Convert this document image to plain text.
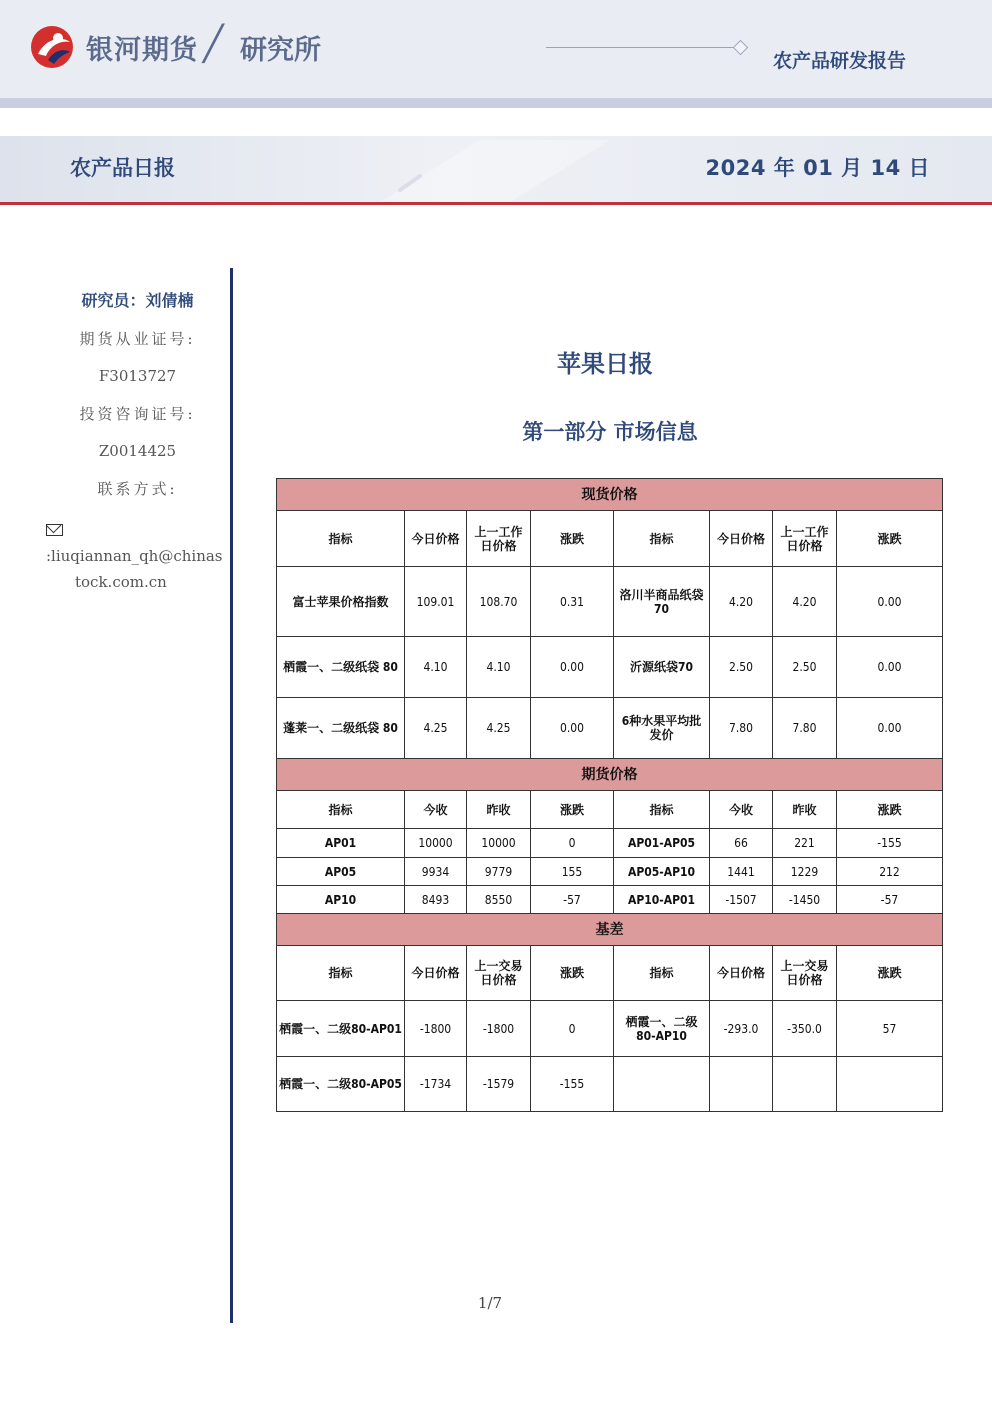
银河期货 ╱ 研究所	农产品研发报告
农产品日报	2024 年 01 月 14 日
研究员：刘倩楠
期货从业证号:
F3013727
投资咨询证号:
Z0014425
联系方式:
:liuqiannan_qh@chinas
tock.com.cn
苹果日报
第一部分 市场信息
现货价格							
指标	今日价格	上一工作日价格	涨跌	指标	今日价格	上一工作日价格	涨跌
富士苹果价格指数	109.01	108.70	0.31	洛川半商品纸袋70	4.20	4.20	0.00
栖霞一、二级纸袋 80	4.10	4.10	0.00	沂源纸袋70	2.50	2.50	0.00
蓬莱一、二级纸袋 80	4.25	4.25	0.00	6种水果平均批发价	7.80	7.80	0.00
期货价格							
指标	今收	昨收	涨跌	指标	今收	昨收	涨跌
AP01	10000	10000	0	AP01-AP05	66	221	-155
AP05	9934	9779	155	AP05-AP10	1441	1229	212
AP10	8493	8550	-57	AP10-AP01	-1507	-1450	-57
基差							
指标	今日价格	上一交易日价格	涨跌	指标	今日价格	上一交易日价格	涨跌
栖霞一、二级80-AP01	-1800	-1800	0	栖霞一、二级80-AP10	-293.0	-350.0	57
栖霞一、二级80-AP05	-1734	-1579	-155				
1/7
